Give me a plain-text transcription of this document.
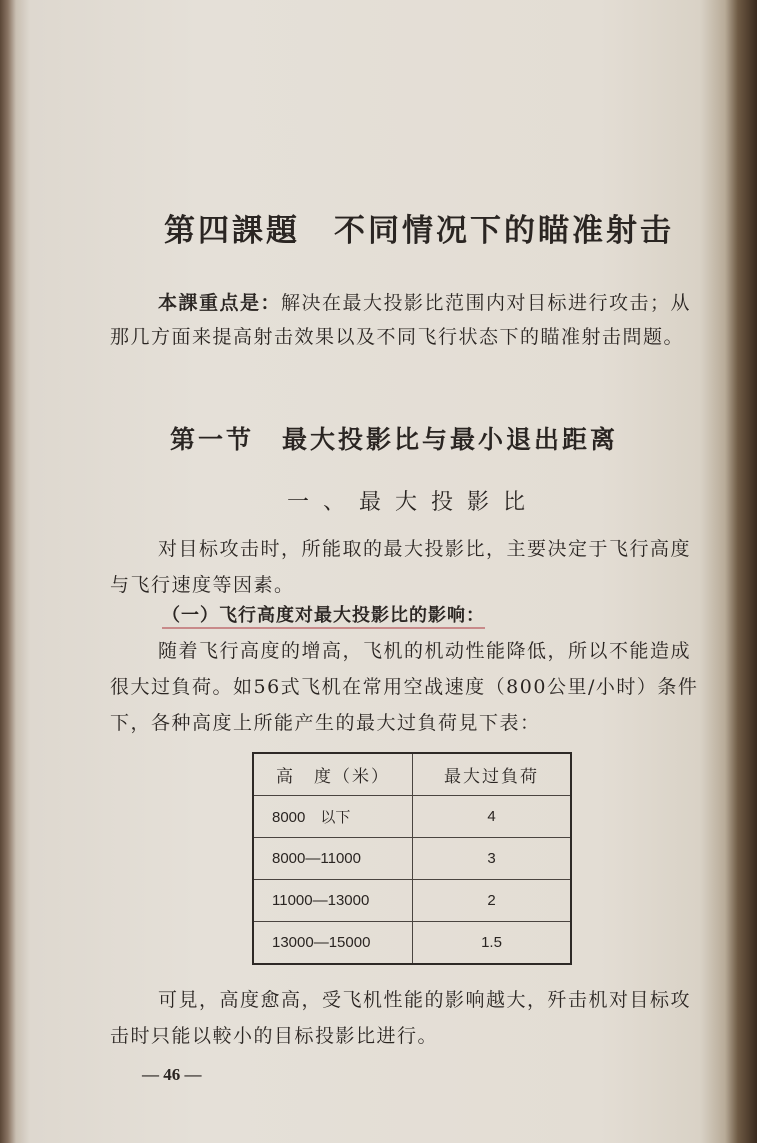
第四課題　不同情况下的瞄准射击
本課重点是：解决在最大投影比范围内对目标进行攻击；从那几方面来提高射击效果以及不同飞行状态下的瞄准射击問题。
第一节　最大投影比与最小退出距离
一、最大投影比
对目标攻击时，所能取的最大投影比，主要决定于飞行高度与飞行速度等因素。
（一）飞行高度对最大投影比的影响：
随着飞行高度的增高，飞机的机动性能降低，所以不能造成很大过負荷。如56式飞机在常用空战速度（800公里/小时）条件下，各种高度上所能产生的最大过負荷見下表：
高　度（米）	最大过負荷
8000　以下	4
8000—11000	3
11000—13000	2
13000—15000	1.5
可見，高度愈高，受飞机性能的影响越大，歼击机对目标攻击时只能以較小的目标投影比进行。
— 46 —
